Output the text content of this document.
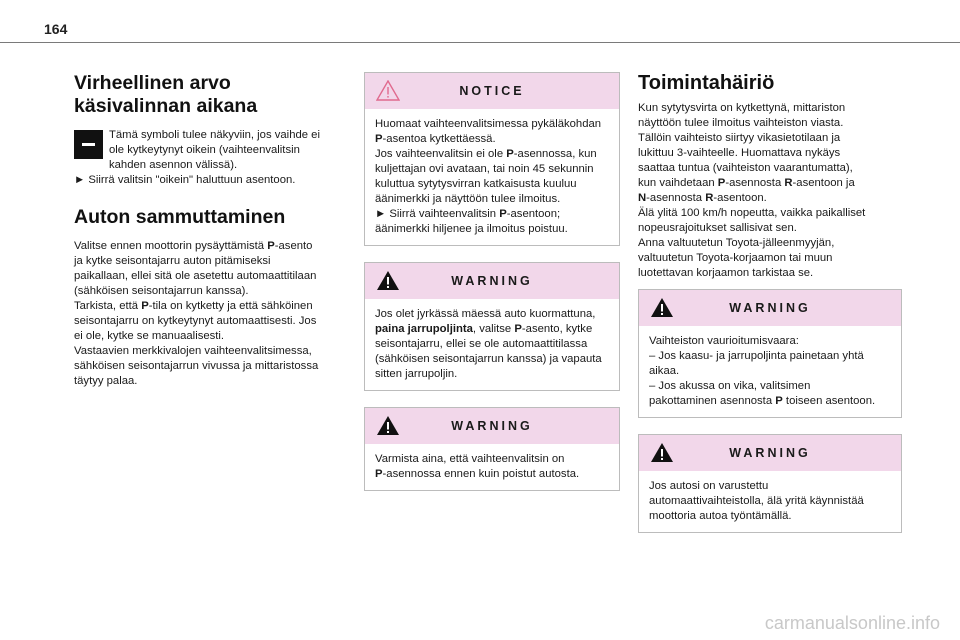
164
Virheellinen arvo
käsivalinnan aikana

Tämä symboli tulee näkyviin, jos vaihde ei
ole kytkeytynyt oikein (vaihteenvalitsin
kahden asennon välissä).
► Siirrä valitsin "oikein" haluttuun asentoon.

Auton sammuttaminen

Valitse ennen moottorin pysäyttämistä P-asento
ja kytke seisontajarru auton pitämiseksi
paikallaan, ellei sitä ole asetettu automaattitilaan
(sähköisen seisontajarrun kanssa).
Tarkista, että P-tila on kytketty ja että sähköinen
seisontajarru on kytkeytynyt automaattisesti. Jos
ei ole, kytke se manuaalisesti.
Vastaavien merkkivalojen vaihteenvalitsimessa,
sähköisen seisontajarrun vivussa ja mittaristossa
täytyy palaa.

NOTICE

Huomaat vaihteenvalitsimessa pykäläkohdan
P-asentoa kytkettäessä.
Jos vaihteenvalitsin ei ole P-asennossa, kun
kuljettajan ovi avataan, tai noin 45 sekunnin
kuluttua sytytysvirran katkaisusta kuuluu
äänimerkki ja näyttöön tulee ilmoitus.
► Siirrä vaihteenvalitsin P-asentoon;
äänimerkki hiljenee ja ilmoitus poistuu.

WARNING

Jos olet jyrkässä mäessä auto kuormattuna,
paina jarrupoljinta, valitse P-asento, kytke
seisontajarru, ellei se ole automaattitilassa
(sähköisen seisontajarrun kanssa) ja vapauta
sitten jarrupoljin.

WARNING

Varmista aina, että vaihteenvalitsin on
P-asennossa ennen kuin poistut autosta.

Toimintahäiriö

Kun sytytysvirta on kytkettynä, mittariston
näyttöön tulee ilmoitus vaihteiston viasta.
Tällöin vaihteisto siirtyy vikasietotilaan ja
lukittuu 3-vaihteelle. Huomattava nykäys
saattaa tuntua (vaihteiston vaarantumatta),
kun vaihdetaan P-asennosta R-asentoon ja
N-asennosta R-asentoon.
Älä ylitä 100 km/h nopeutta, vaikka paikalliset
nopeusrajoitukset sallisivat sen.
Anna valtuutetun Toyota-jälleenmyyjän,
valtuutetun Toyota-korjaamon tai muun
luotettavan korjaamon tarkistaa se.

WARNING

Vaihteiston vaurioitumisvaara:
– Jos kaasu- ja jarrupoljinta painetaan yhtä
aikaa.
– Jos akussa on vika, valitsimen
pakottaminen asennosta P toiseen asentoon.

WARNING

Jos autosi on varustettu
automaattivaihteistolla, älä yritä käynnistää
moottoria autoa työntämällä.

carmanualsonline.info
